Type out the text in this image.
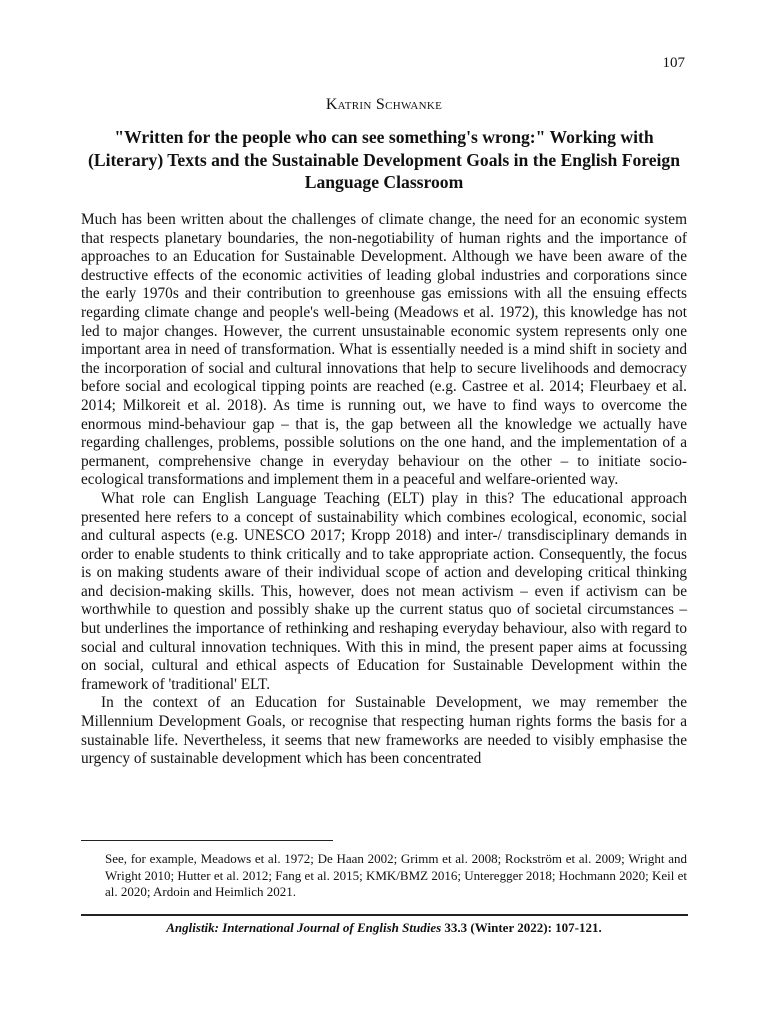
107
Katrin Schwanke
"Written for the people who can see something's wrong:" Working with (Literary) Texts and the Sustainable Development Goals in the English Foreign Language Classroom

Much has been written about the challenges of climate change, the need for an economic system that respects planetary boundaries, the non-negotiability of human rights and the importance of approaches to an Education for Sustainable Development. Although we have been aware of the destructive effects of the economic activities of leading global industries and corporations since the early 1970s and their contribution to greenhouse gas emissions with all the ensuing effects regarding climate change and people's well-being (Meadows et al. 1972), this knowledge has not led to major changes. However, the current unsustainable economic system represents only one important area in need of transformation. What is essentially needed is a mind shift in society and the incorporation of social and cultural innovations that help to secure livelihoods and democracy before social and ecological tipping points are reached (e.g. Castree et al. 2014; Fleurbaey et al. 2014; Milkoreit et al. 2018). As time is running out, we have to find ways to overcome the enormous mind-behaviour gap – that is, the gap between all the knowledge we actually have regarding challenges, problems, possible solutions on the one hand, and the implementation of a permanent, comprehensive change in everyday behaviour on the other – to initiate socio-ecological transformations and implement them in a peaceful and welfare-oriented way.

What role can English Language Teaching (ELT) play in this? The educational approach presented here refers to a concept of sustainability which combines ecological, economic, social and cultural aspects (e.g. UNESCO 2017; Kropp 2018) and inter-/ transdisciplinary demands in order to enable students to think critically and to take appropriate action. Consequently, the focus is on making students aware of their individual scope of action and developing critical thinking and decision-making skills. This, however, does not mean activism – even if activism can be worthwhile to question and possibly shake up the current status quo of societal circumstances – but underlines the importance of rethinking and reshaping everyday behaviour, also with regard to social and cultural innovation techniques. With this in mind, the present paper aims at focussing on social, cultural and ethical aspects of Education for Sustainable Development within the framework of 'traditional' ELT.

In the context of an Education for Sustainable Development, we may remember the Millennium Development Goals, or recognise that respecting human rights forms the basis for a sustainable life. Nevertheless, it seems that new frameworks are needed to visibly emphasise the urgency of sustainable development which has been concentrated

See, for example, Meadows et al. 1972; De Haan 2002; Grimm et al. 2008; Rockström et al. 2009; Wright and Wright 2010; Hutter et al. 2012; Fang et al. 2015; KMK/BMZ 2016; Unteregger 2018; Hochmann 2020; Keil et al. 2020; Ardoin and Heimlich 2021.

Anglistik: International Journal of English Studies 33.3 (Winter 2022): 107-121.
